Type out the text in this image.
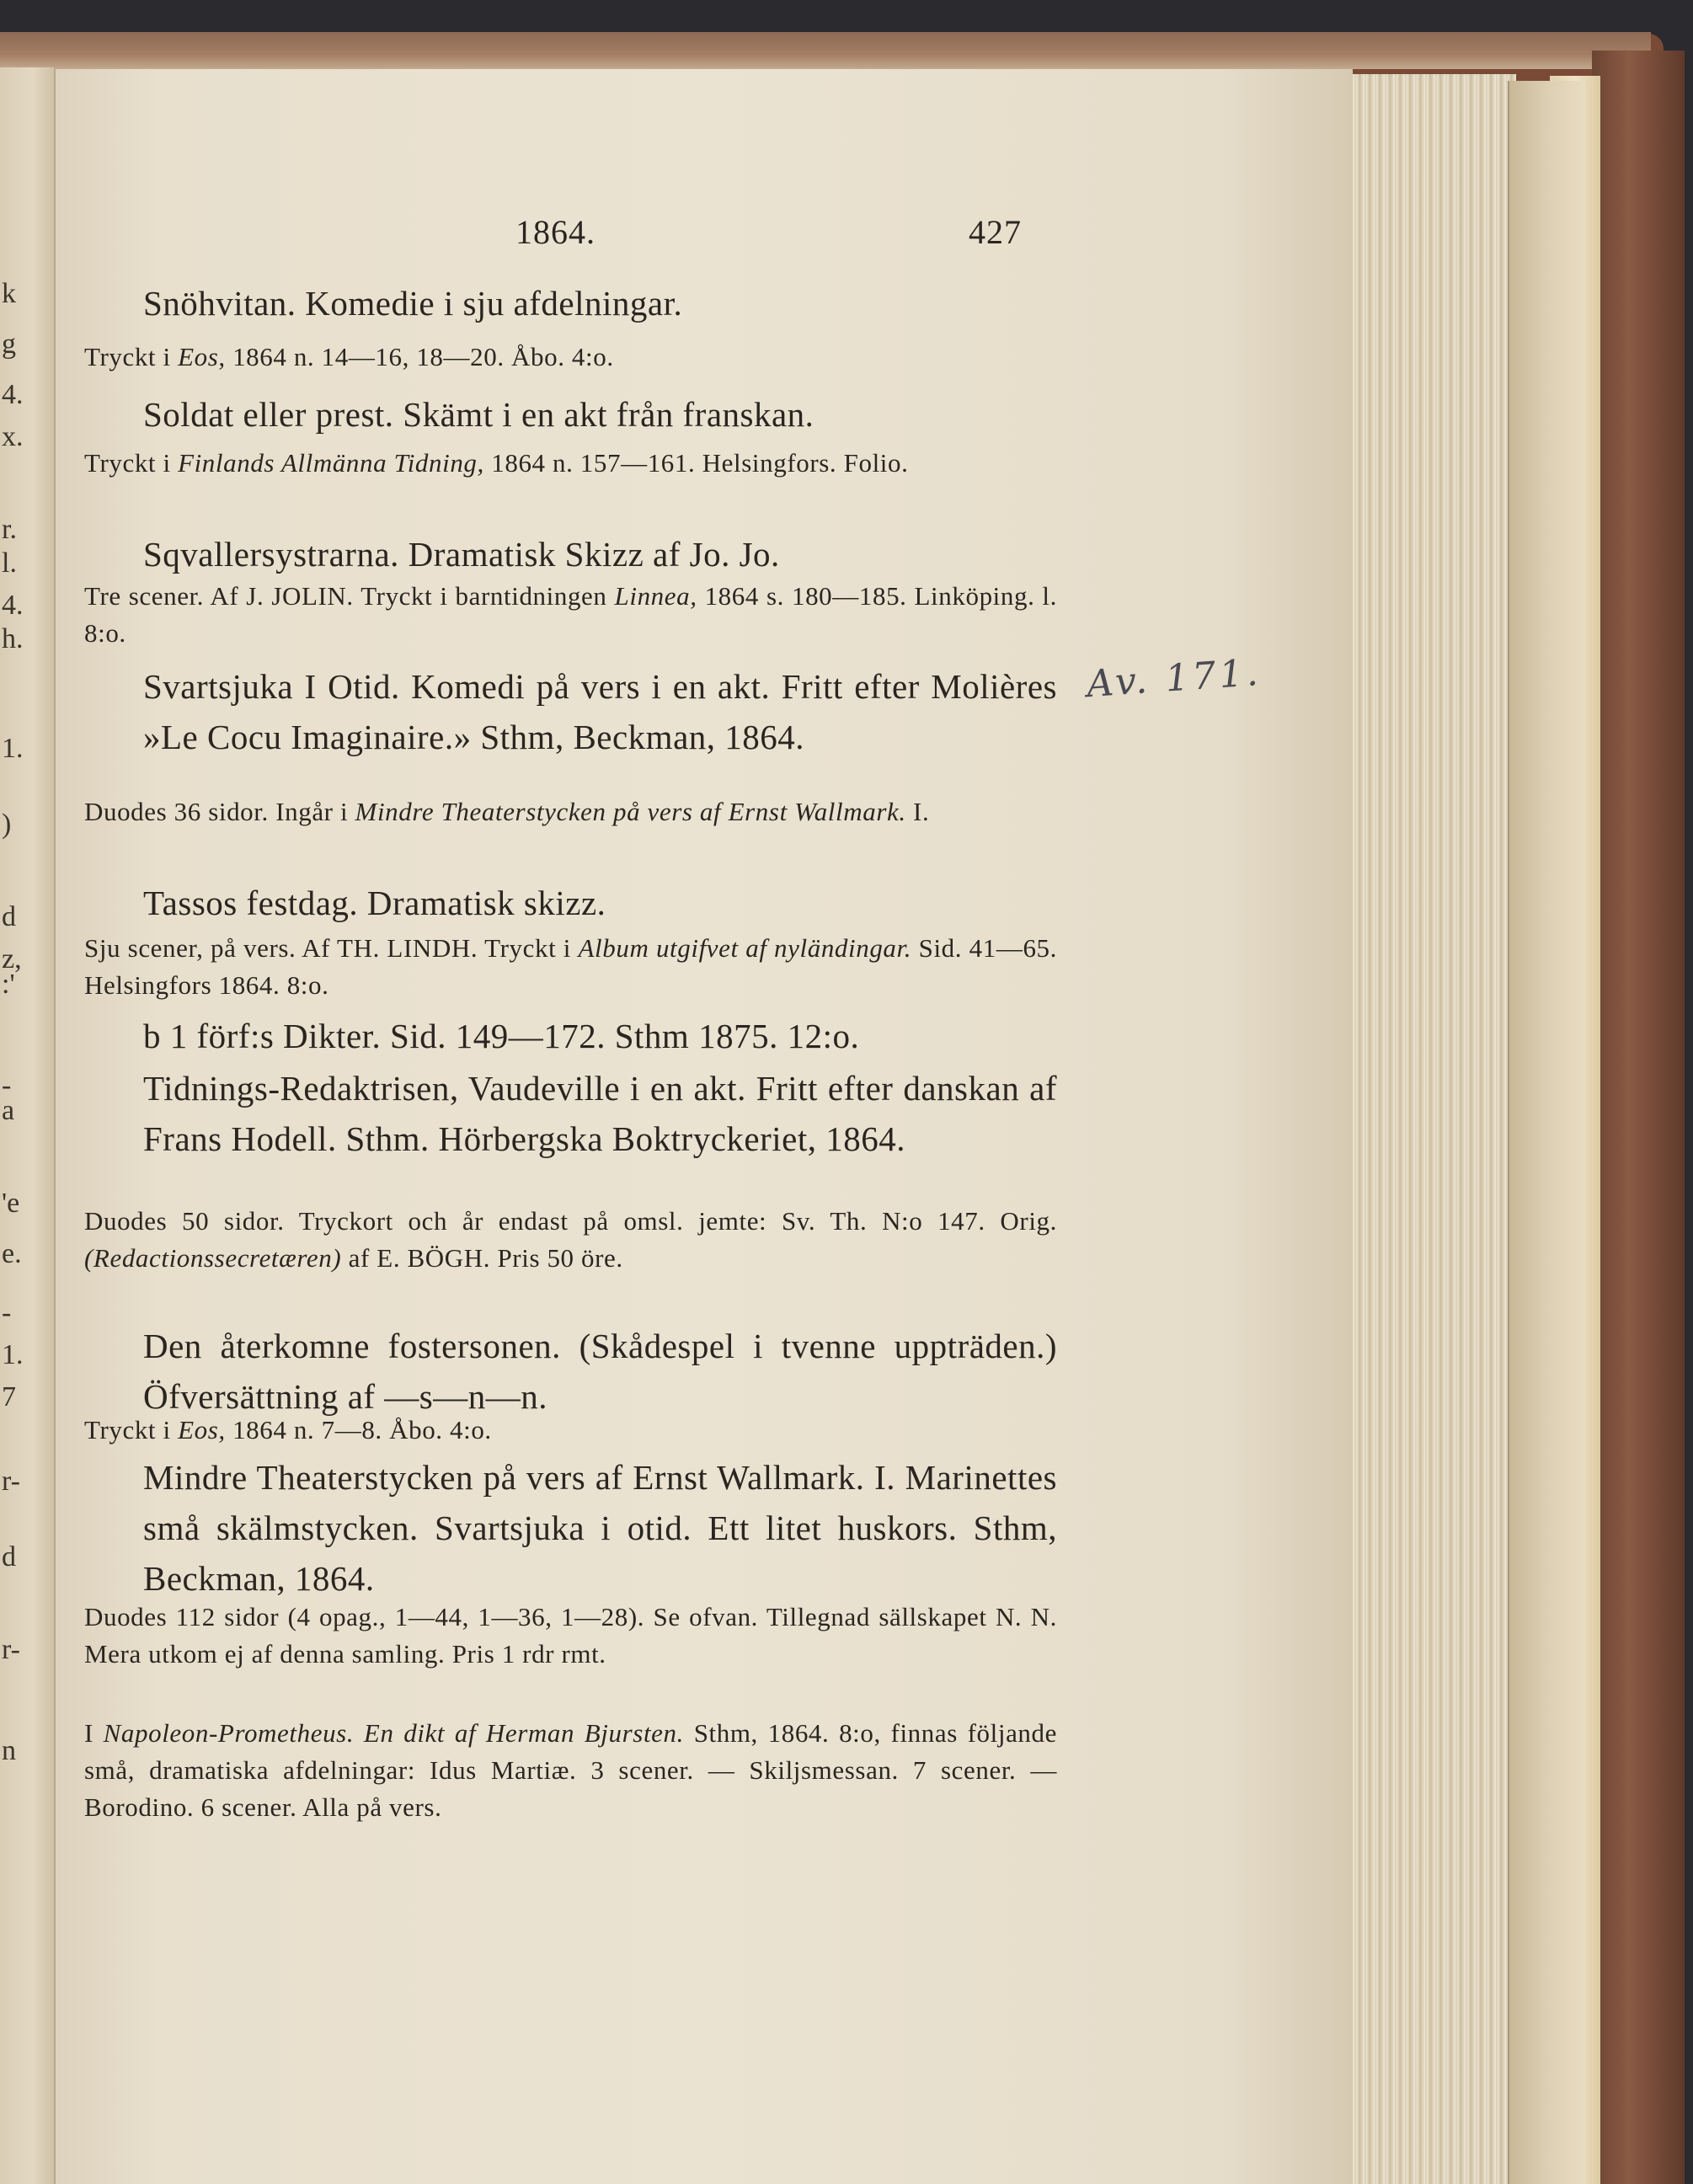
k
g
4.
x.
r.
l.
4.
h.
1.
)
d
z,
:'
-
a
'e
e.
-
1.
7
r-
d
r-
n
1864.	427
Snöhvitan. Komedie i sju afdelningar.
Tryckt i Eos, 1864 n. 14—16, 18—20. Åbo. 4:o.
Soldat eller prest. Skämt i en akt från franskan.
Tryckt i Finlands Allmänna Tidning, 1864 n. 157—161. Helsingfors. Folio.
Sqvallersystrarna. Dramatisk Skizz af Jo. Jo.
Tre scener. Af J. JOLIN. Tryckt i barntidningen Linnea, 1864 s. 180—185. Linköping. l. 8:o.
Svartsjuka I Otid. Komedi på vers i en akt. Fritt efter Molières »Le Cocu Imaginaire.» Sthm, Beckman, 1864.
Duodes 36 sidor. Ingår i Mindre Theaterstycken på vers af Ernst Wallmark. I.
Tassos festdag. Dramatisk skizz.
Sju scener, på vers. Af TH. LINDH. Tryckt i Album utgifvet af nyländingar. Sid. 41—65. Helsingfors 1864. 8:o.
b 1 förf:s Dikter. Sid. 149—172. Sthm 1875. 12:o.
Tidnings-Redaktrisen, Vaudeville i en akt. Fritt efter danskan af Frans Hodell. Sthm. Hörbergska Boktryckeriet, 1864.
Duodes 50 sidor. Tryckort och år endast på omsl. jemte: Sv. Th. N:o 147. Orig. (Redactionssecretæren) af E. BÖGH. Pris 50 öre.
Den återkomne fostersonen. (Skådespel i tvenne uppträden.) Öfversättning af —s—n—n.
Tryckt i Eos, 1864 n. 7—8. Åbo. 4:o.
Mindre Theaterstycken på vers af Ernst Wallmark. I. Marinettes små skälmstycken. Svartsjuka i otid. Ett litet huskors. Sthm, Beckman, 1864.
Duodes 112 sidor (4 opag., 1—44, 1—36, 1—28). Se ofvan. Tillegnad sällskapet N. N. Mera utkom ej af denna samling. Pris 1 rdr rmt.
I Napoleon-Prometheus. En dikt af Herman Bjursten. Sthm, 1864. 8:o, finnas följande små, dramatiska afdelningar: Idus Martiæ. 3 scener. — Skiljsmessan. 7 scener. — Borodino. 6 scener. Alla på vers.
Av. 171.
